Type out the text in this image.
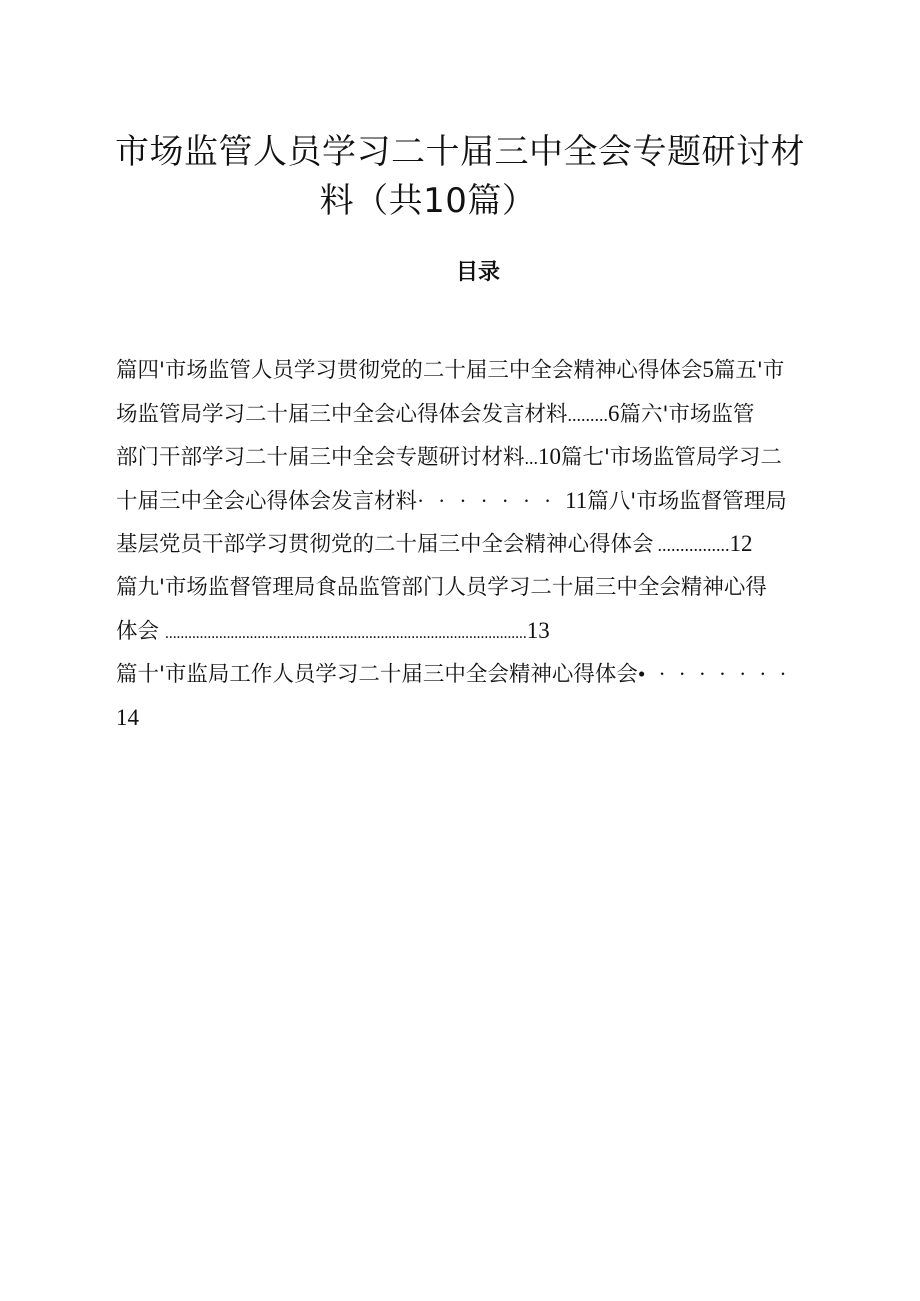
市场监管人员学习二十届三中全会专题研讨材
料（共10篇）
目录
篇四'市场监管人员学习贯彻党的二十届三中全会精神心得体会5篇五'市
场监管局学习二十届三中全会心得体会发言材料.........6篇六'市场监管
部门干部学习二十届三中全会专题研讨材料...10篇七'市场监管局学习二
十届三中全会心得体会发言材料·······11篇八'市场监督管理局
基层党员干部学习贯彻党的二十届三中全会精神心得体会 ................12
篇九'市场监督管理局食品监管部门人员学习二十届三中全会精神心得
体会 ..............................................................................................13
篇十'市监局工作人员学习二十届三中全会精神心得体会•·······
14
